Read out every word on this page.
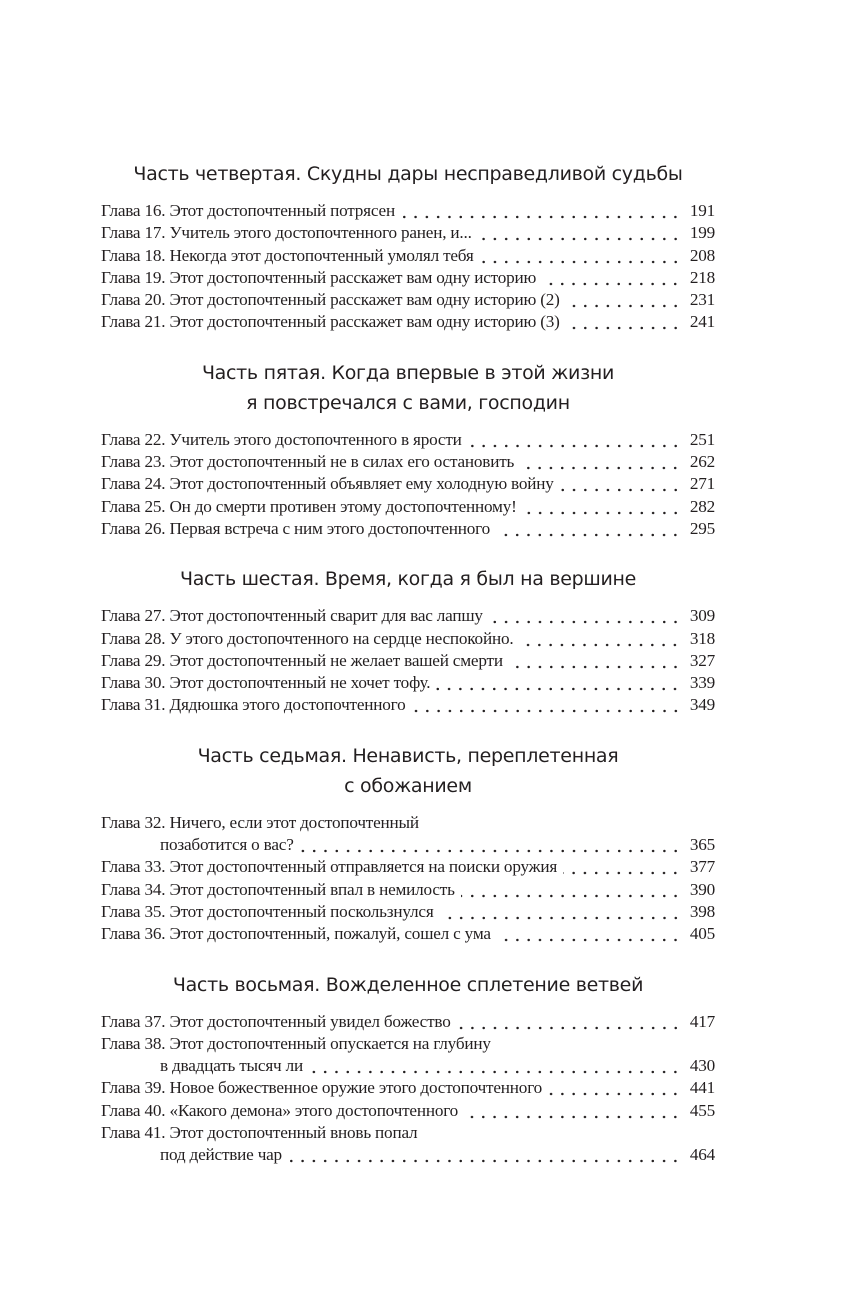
Часть четвертая. Скудны дары несправедливой судьбы
Глава 16. Этот достопочтенный потрясен	191
Глава 17. Учитель этого достопочтенного ранен, и...	199
Глава 18. Некогда этот достопочтенный умолял тебя	208
Глава 19. Этот достопочтенный расскажет вам одну историю	218
Глава 20. Этот достопочтенный расскажет вам одну историю (2)	231
Глава 21. Этот достопочтенный расскажет вам одну историю (3)	241
Часть пятая. Когда впервые в этой жизни
я повстречался с вами, господин
Глава 22. Учитель этого достопочтенного в ярости	251
Глава 23. Этот достопочтенный не в силах его остановить	262
Глава 24. Этот достопочтенный объявляет ему холодную войну	271
Глава 25. Он до смерти противен этому достопочтенному!	282
Глава 26. Первая встреча с ним этого достопочтенного	295
Часть шестая. Время, когда я был на вершине
Глава 27. Этот достопочтенный сварит для вас лапшу	309
Глава 28. У этого достопочтенного на сердце неспокойно.	318
Глава 29. Этот достопочтенный не желает вашей смерти	327
Глава 30. Этот достопочтенный не хочет тофу.	339
Глава 31. Дядюшка этого достопочтенного	349
Часть седьмая. Ненависть, переплетенная
с обожанием
Глава 32. Ничего, если этот достопочтенный
позаботится о вас?	365
Глава 33. Этот достопочтенный отправляется на поиски оружия	377
Глава 34. Этот достопочтенный впал в немилость	390
Глава 35. Этот достопочтенный поскользнулся	398
Глава 36. Этот достопочтенный, пожалуй, сошел с ума	405
Часть восьмая. Вожделенное сплетение ветвей
Глава 37. Этот достопочтенный увидел божество	417
Глава 38. Этот достопочтенный опускается на глубину
в двадцать тысяч ли	430
Глава 39. Новое божественное оружие этого достопочтенного	441
Глава 40. «Какого демона» этого достопочтенного	455
Глава 41. Этот достопочтенный вновь попал
под действие чар	464
